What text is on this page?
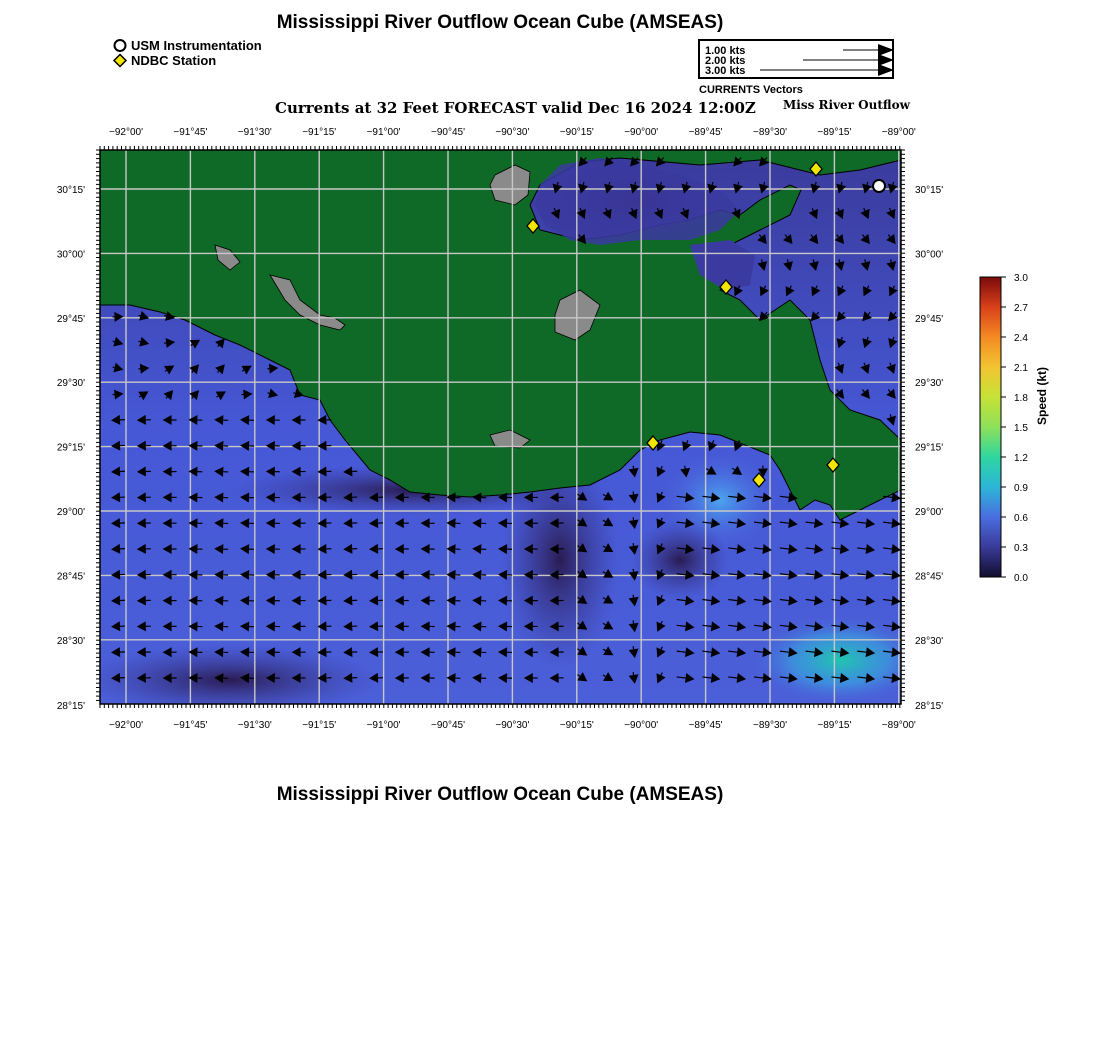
Mississippi River Outflow Ocean Cube (AMSEAS)
USM Instrumentation
NDBC Station
1.00 kts
2.00 kts
3.00 kts
CURRENTS Vectors
Currents at 32 Feet FORECAST valid Dec 16 2024 12:00Z Miss River Outflow
−92°00'	−91°45'	−91°30'	−91°15'	−91°00'	−90°45'	−90°30'	−90°15'	−90°00'	−89°45'	−89°30'	−89°15'	−89°00'
−92°00'	−91°45'	−91°30'	−91°15'	−91°00'	−90°45'	−90°30'	−90°15'	−90°00'	−89°45'	−89°30'	−89°15'	−89°00'
30°15'
30°00'
29°45'
29°30'
29°15'
29°00'
28°45'
28°30'
28°15'
30°15'
30°00'
29°45'
29°30'
29°15'
29°00'
28°45'
28°30'
28°15'
3.0
2.7
2.4
2.1
1.8
1.5
1.2
0.9
0.6
0.3
0.0
Speed (kt)
Mississippi River Outflow Ocean Cube (AMSEAS)
